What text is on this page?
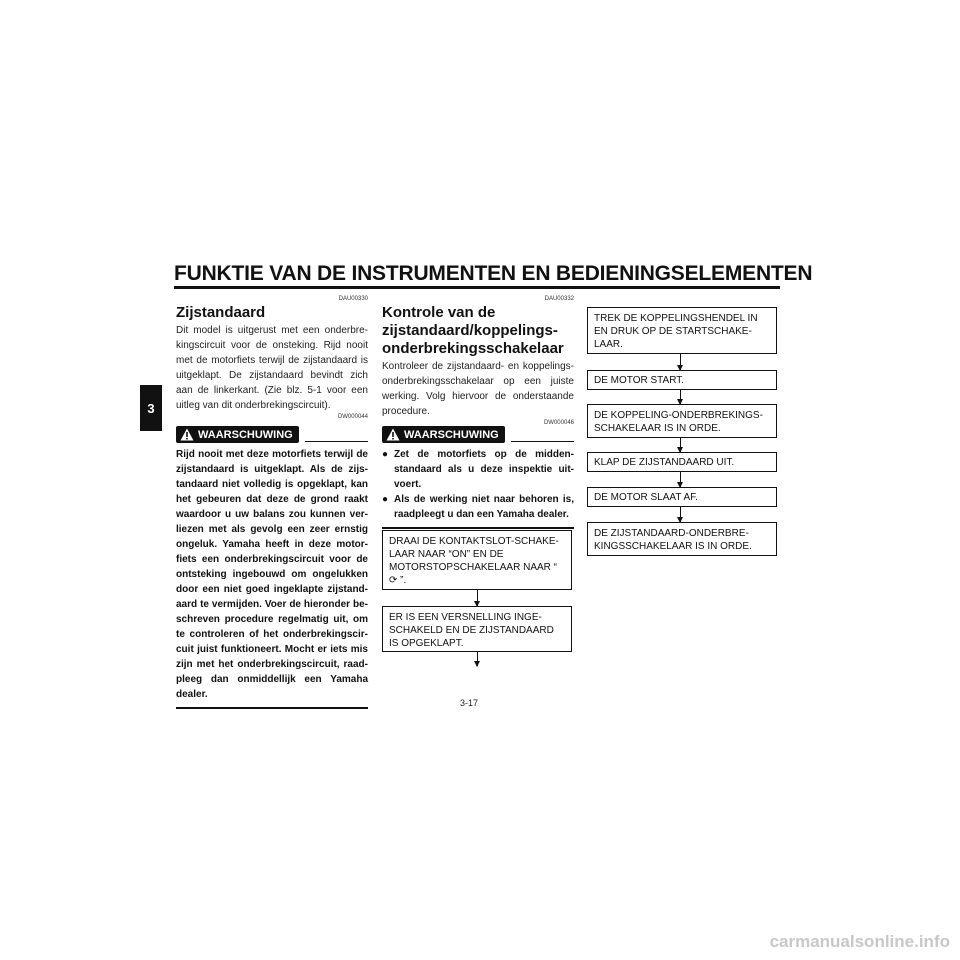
FUNKTIE VAN DE INSTRUMENTEN EN BEDIENINGSELEMENTEN
3
DAU00330
Zijstandaard
Dit model is uitgerust met een onderbre-kingscircuit voor de onsteking. Rijd nooit met de motorfiets terwijl de zijstandaard is uitgeklapt. De zijstandaard bevindt zich aan de linkerkant. (Zie blz. 5-1 voor een uitleg van dit onderbrekingscircuit).
DW000044
WAARSCHUWING
Rijd nooit met deze motorfiets terwijl de zijstandaard is uitgeklapt. Als de zijs-tandaard niet volledig is opgeklapt, kan het gebeuren dat deze de grond raakt waardoor u uw balans zou kunnen ver-liezen met als gevolg een zeer ernstig ongeluk. Yamaha heeft in deze motor-fiets een onderbrekingscircuit voor de ontsteking ingebouwd om ongelukken door een niet goed ingeklapte zijstand-aard te vermijden. Voer de hieronder be-schreven procedure regelmatig uit, om te controleren of het onderbrekingscir-cuit juist funktioneert. Mocht er iets mis zijn met het onderbrekingscircuit, raad-pleeg dan onmiddellijk een Yamaha dealer.
DAU00332
Kontrole van de
zijstandaard/koppelings-
onderbrekingsschakelaar
Kontroleer de zijstandaard- en koppelings-onderbrekingsschakelaar op een juiste werking. Volg hiervoor de onderstaande procedure.
DW000046
WAARSCHUWING
● Zet de motorfiets op de midden-standaard als u deze inspektie uit-voert.
● Als de werking niet naar behoren is, raadpleegt u dan een Yamaha dealer.
DRAAI DE KONTAKTSLOT-SCHAKE-LAAR NAAR “ON” EN DE MOTORSTOPSCHAKELAAR NAAR “ ⟳ ”.
ER IS EEN VERSNELLING INGE-SCHAKELD EN DE ZIJSTANDAARD IS OPGEKLAPT.
TREK DE KOPPELINGSHENDEL IN EN DRUK OP DE STARTSCHAKE-LAAR.
DE MOTOR START.
DE KOPPELING-ONDERBREKINGS-SCHAKELAAR IS IN ORDE.
KLAP DE ZIJSTANDAARD UIT.
DE MOTOR SLAAT AF.
DE ZIJSTANDAARD-ONDERBRE-KINGSSCHAKELAAR IS IN ORDE.
3-17
carmanualsonline.info
